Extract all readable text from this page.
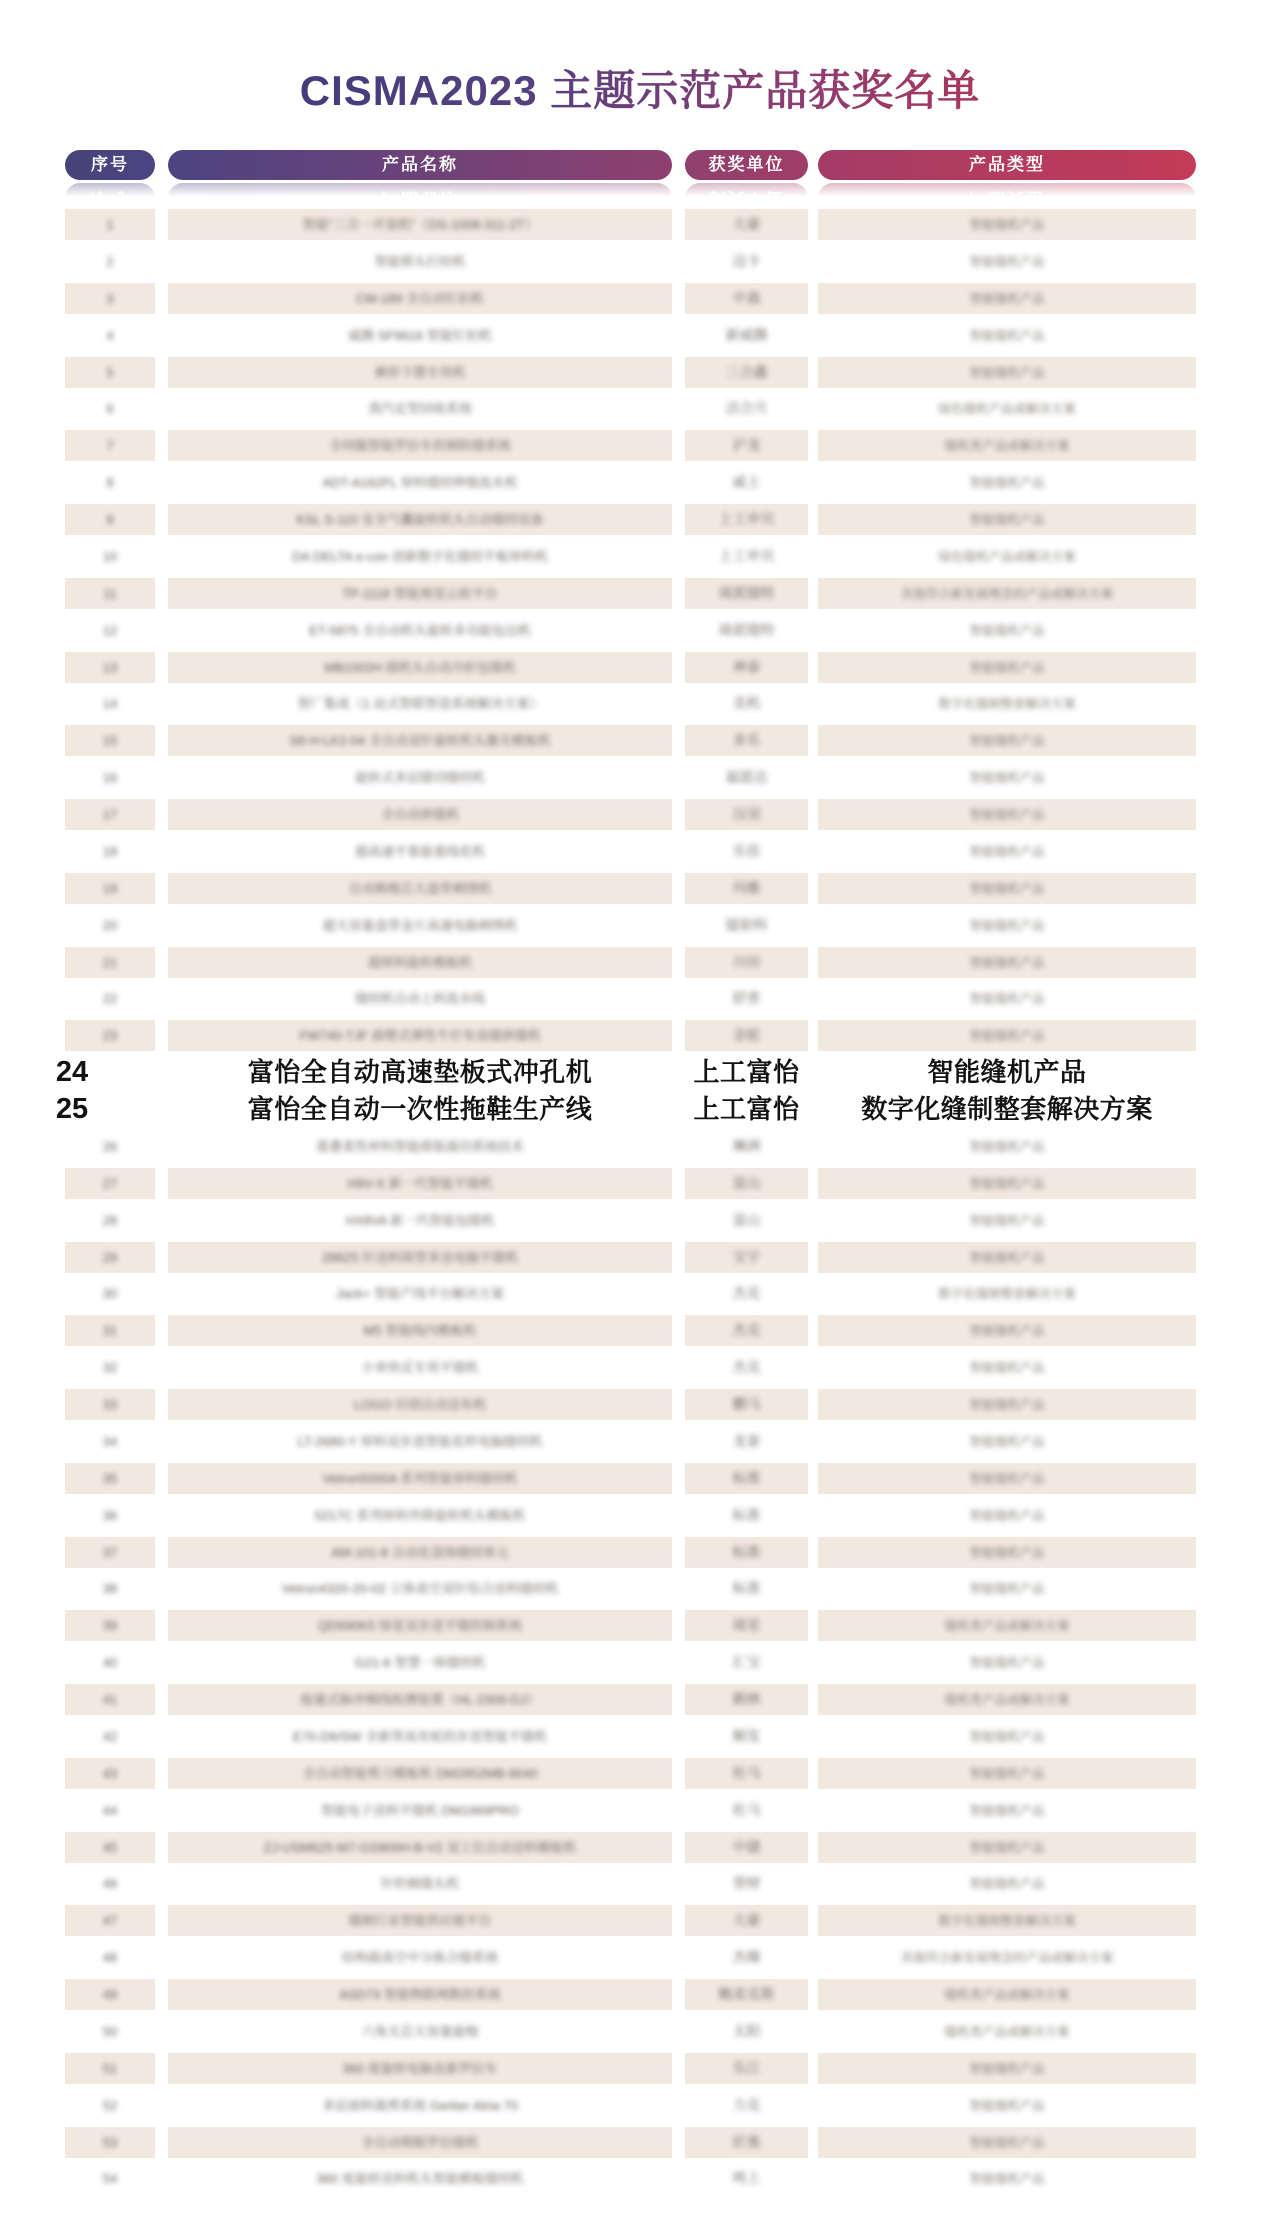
CISMA2023 主题示范产品获奖名单
序号	产品名称	获奖单位	产品类型
1	智能"三合一开袋机"（DS-1008-311-2T）	大豪	智能缝机产品
2	智能锁头打结机	迈卡	智能缝机产品
3	CM-189 全自动钉扣机	中森	智能缝机产品
4	威腾 SF9616 智能钉扣机	新威腾	智能缝机产品
5	裤形下摆专用机	三合鑫	智能缝机产品
6	蒸汽定型回收系统	洁合月	绿色缝机产品或解决方案
7	全伺服智能罗拉车控制防缝系统	沪龙	缝机类产品或解决方案
8	ADT-A162FL 厚料缝纫伸缩流水机	威士	智能缝机产品
9	KSL S-110 安全气囊旋转机头自动缝纫设备	上工申贝	智能缝机产品
10	DA DELTA e-con 创新数字化缝纫平板厚料机	上工申贝	绿色缝机产品或解决方案
11	TP-1118 智能视觉云检平台	琦派缝特	其他符合新发展理念的产品或解决方案
12	ET-5875 全自动机头旋转多功能包边机	琦派缝特	智能缝机产品
13	MB1002H 圆机头自动冷折包缝机	神泰	智能缝机产品
14	智厂集成（1 站式智联智造系统解决方案）	美机	数字化缝制整套解决方案
15	S8-H-LK2-04 全自动双针旋转机头激光模板机	多乐	智能缝机产品
16	旋转式多层缝切缝纫机	福恩达	智能缝机产品
17	全自动拼缝机	汉羽	智能缝机产品
18	超高速平靠旋重线花机	乐佳	智能缝机产品
19	自动换梭芯大盘带刺绣机	玛雅	智能缝机产品
20	超大容量盘带金片高速电脑刺绣机	镭射科	智能缝机产品
21	超厚料旋转模板机	川田	智能缝机产品
22	缝纫机自动上料流水线	舒普	智能缝机产品
23	FW740-TJF 曲臂式弹性牛仔布直缝拼缝机	金轮	智能缝机产品
24	富怡全自动高速垫板式冲孔机	上工富怡	智能缝机产品
25	富怡全自动一次性拖鞋生产线	上工富怡	数字化缝制整套解决方案
26	重叠柔性材料智能排版裁切系统技术	琳洲	智能缝机产品
27	H9V-X 新一代智能平缝机	富山	智能缝机产品
28	HX8VA 新一代智能包缝机	富山	智能缝机产品
29	288Z5 针送料筒型多送电脑平缝机	宝宇	智能缝机产品
30	Jack+ 智能产线平台解决方案	杰克	数字化缝制整套解决方案
31	M5 智能线内模板机	杰克	智能缝机产品
32	小单快反专用平缝机	杰克	智能缝机产品
33	LOGO 识别自动送布机	鹏马	智能缝机产品
34	LT-2680-Y 厚料双步进智能花样电脑缝纫机	龙泰	智能缝机产品
35	Vetron5000A 系列智能厚料缝纫机	标准	智能缝机产品
36	5217C 系列厚料外降旋转机头模板机	标准	智能缝机产品
37	AM-101-8 自动化袋饰缝纫单元	标准	智能缝机产品
38	Vetron4320-20-02 立体真空双针综合送料缝纫机	标准	智能缝机产品
39	QD690K5 绿星双步进平缝控制系统	琦星	缝机类产品或解决方案
40	G21-6 智慧一体缝纫机	汇宝	智能缝机产品
41	接量式脉冲棉线检测装置（HL-2306-DJ）	鹤林	缝机类产品或解决方案
42	E70-D6/SW 全新带高布轮的步进智能平缝机	顺发	智能缝机产品
43	全自动智能剪刀模板机 DM2952MB-9040	杜马	智能缝机产品
44	智能电子送料平缝机 DM1969PRO	杜马	智能缝机产品
45	ZJ-USM625-M7-GS900H-B-V2 双工位自动送料模板机	中捷	智能缝机产品
46	针织棉缝头机	誉财	智能缝机产品
47	缝制行业智能供应链平台	大豪	数字化缝制整套解决方案
48	结构载真空中分拣合缝系统	杰臻	其他符合新发展理念的产品或解决方案
49	ASD73 智能物联网数控系统	鲍麦克斯	缝机类产品或解决方案
50	六角无芯大容量旋梭	太阳	缝机类产品或解决方案
51	360 度旋转电脑直驱罗拉车	乐江	智能缝机产品
52	多层面料裁剪系统 Gerber Atria 70	力克	智能缝机产品
53	全自动锁眼罗拉缝机	匠奥	智能缝机产品
54	360 度旋转送料机头智能模板缝纫机	鸣上	智能缝机产品
